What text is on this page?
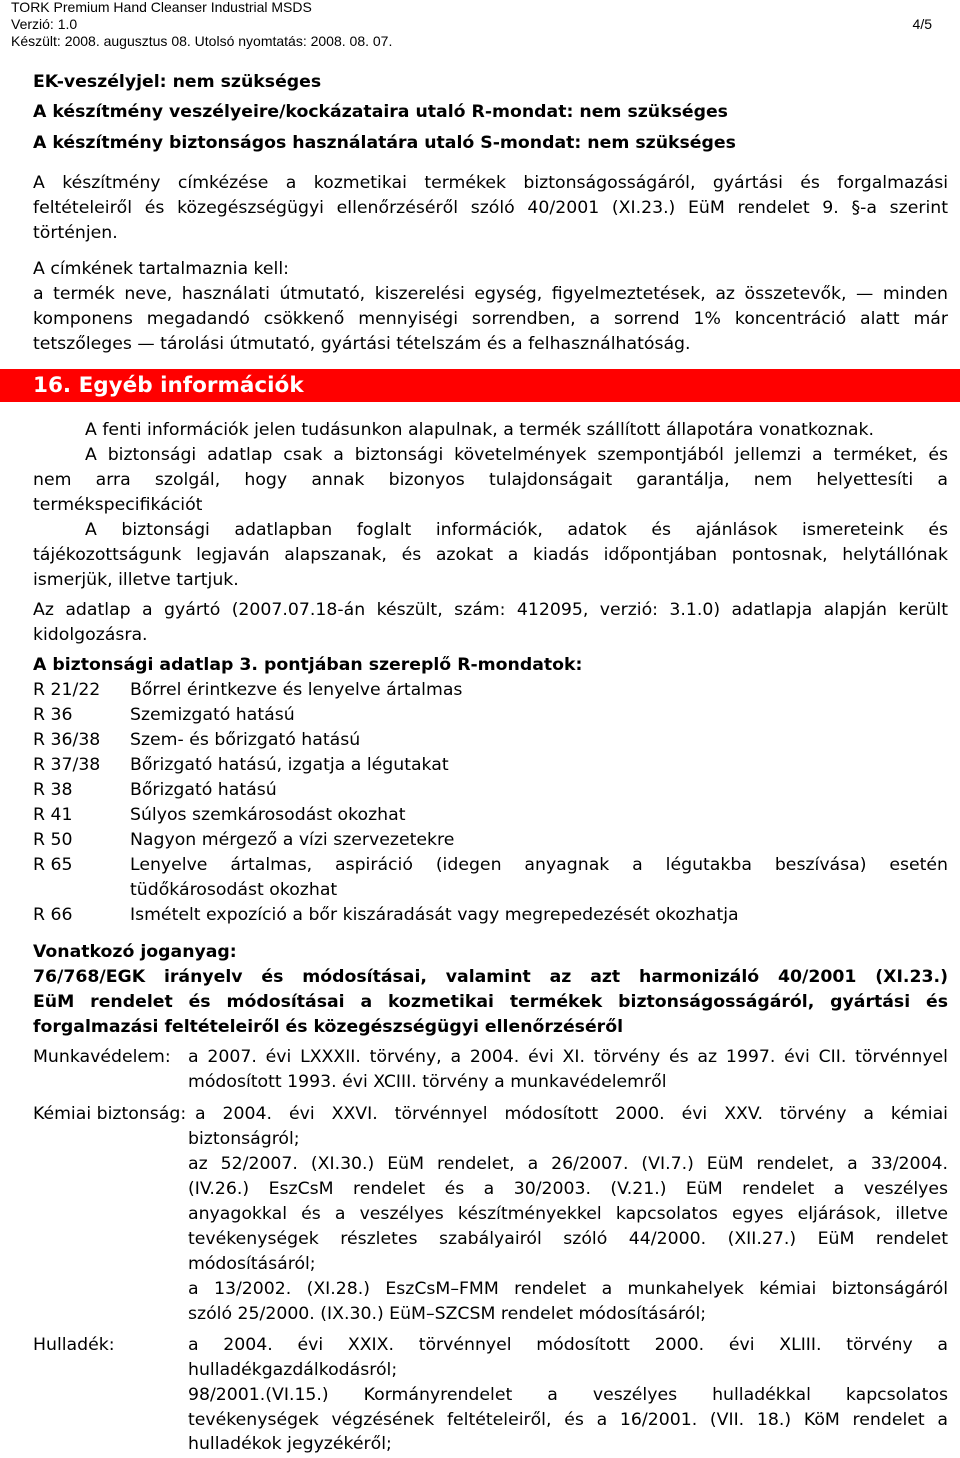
TORK Premium Hand Cleanser Industrial MSDS
Verzió: 1.0	4/5
Készült: 2008. augusztus 08. Utolsó nyomtatás: 2008. 08. 07.
EK-veszélyjel: nem szükséges
A készítmény veszélyeire/kockázataira utaló R-mondat: nem szükséges
A készítmény biztonságos használatára utaló S-mondat: nem szükséges
A készítmény címkézése a kozmetikai termékek biztonságosságáról, gyártási és forgalmazási
feltételeiről és közegészségügyi ellenőrzéséről szóló 40/2001 (XI.23.) EüM rendelet 9. §-a szerint
történjen.
A címkének tartalmaznia kell:
a termék neve, használati útmutató, kiszerelési egység, figyelmeztetések, az összetevők, — minden
komponens megadandó csökkenő mennyiségi sorrendben, a sorrend 1% koncentráció alatt már
tetszőleges — tárolási útmutató, gyártási tételszám és a felhasználhatóság.
16. Egyéb információk
A fenti információk jelen tudásunkon alapulnak, a termék szállított állapotára vonatkoznak.
A biztonsági adatlap csak a biztonsági követelmények szempontjából jellemzi a terméket, és
nem arra szolgál, hogy annak bizonyos tulajdonságait garantálja, nem helyettesíti a
termékspecifikációt
A biztonsági adatlapban foglalt információk, adatok és ajánlások ismereteink és
tájékozottságunk legjaván alapszanak, és azokat a kiadás időpontjában pontosnak, helytállónak
ismerjük, illetve tartjuk.
Az adatlap a gyártó (2007.07.18-án készült, szám: 412095, verzió: 3.1.0) adatlapja alapján került
kidolgozásra.
A biztonsági adatlap 3. pontjában szereplő R-mondatok:
R 21/22 Bőrrel érintkezve és lenyelve ártalmas
R 36	Szemizgató hatású
R 36/38 Szem- és bőrizgató hatású
R 37/38 Bőrizgató hatású, izgatja a légutakat
R 38	Bőrizgató hatású
R 41	Súlyos szemkárosodást okozhat
R 50	Nagyon mérgező a vízi szervezetekre
R 65	Lenyelve ártalmas, aspiráció (idegen anyagnak a légutakba beszívása) esetén
tüdőkárosodást okozhat
R 66	Ismételt expozíció a bőr kiszáradását vagy megrepedezését okozhatja
Vonatkozó joganyag:
76/768/EGK irányelv és módosításai, valamint az azt harmonizáló 40/2001 (XI.23.)
EüM rendelet és módosításai a kozmetikai termékek biztonságosságáról, gyártási és
forgalmazási feltételeiről és közegészségügyi ellenőrzéséről
Munkavédelem: a 2007. évi LXXXII. törvény, a 2004. évi XI. törvény és az 1997. évi CII. törvénnyel
módosított 1993. évi XCIII. törvény a munkavédelemről
Kémiai biztonság: a 2004. évi XXVI. törvénnyel módosított 2000. évi XXV. törvény a kémiai
biztonságról;
az 52/2007. (XI.30.) EüM rendelet, a 26/2007. (VI.7.) EüM rendelet, a 33/2004.
(IV.26.) EszCsM rendelet és a 30/2003. (V.21.) EüM rendelet a veszélyes
anyagokkal és a veszélyes készítményekkel kapcsolatos egyes eljárások, illetve
tevékenységek részletes szabályairól szóló 44/2000. (XII.27.) EüM rendelet
módosításáról;
a 13/2002. (XI.28.) EszCsM–FMM rendelet a munkahelyek kémiai biztonságáról
szóló 25/2000. (IX.30.) EüM–SZCSM rendelet módosításáról;
Hulladék:	a 2004. évi XXIX. törvénnyel módosított 2000. évi XLIII. törvény a
hulladékgazdálkodásról;
98/2001.(VI.15.) Kormányrendelet a veszélyes hulladékkal kapcsolatos
tevékenységek végzésének feltételeiről, és a 16/2001. (VII. 18.) KöM rendelet a
hulladékok jegyzékéről;
